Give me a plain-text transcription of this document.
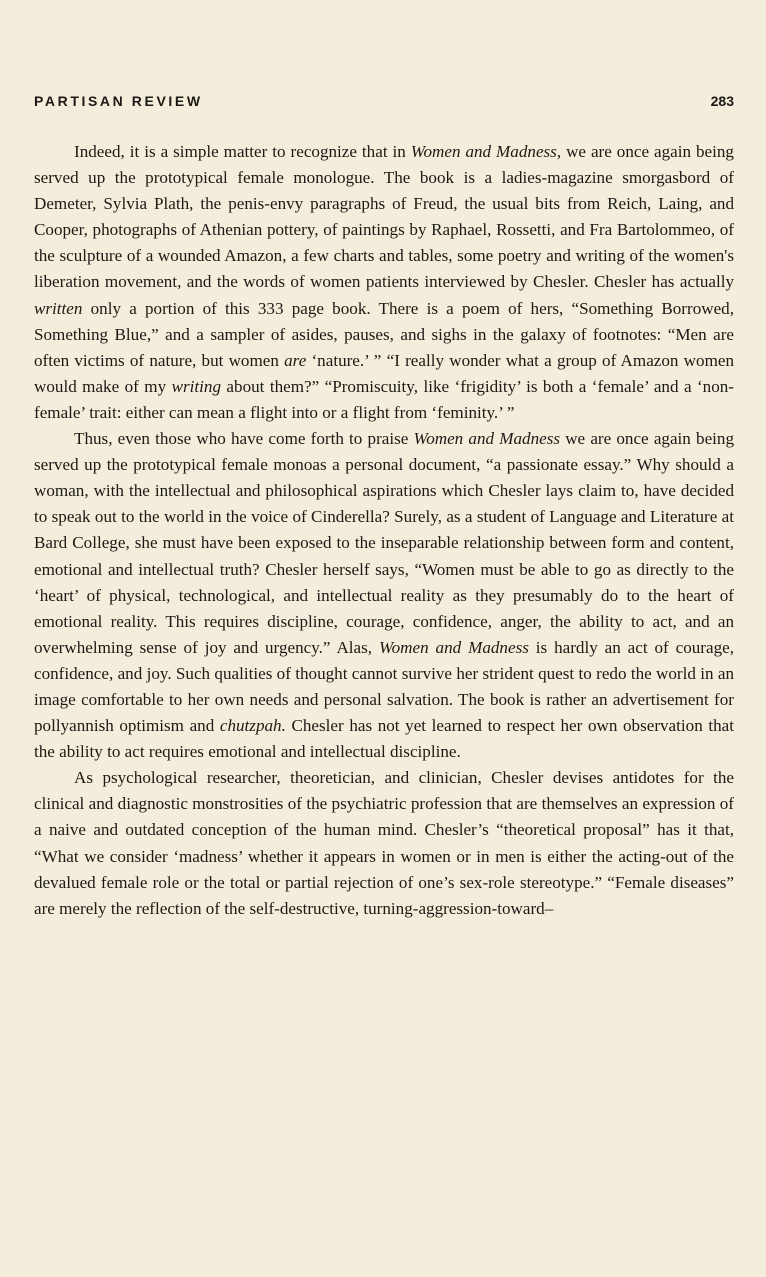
PARTISAN REVIEW	283

Indeed, it is a simple matter to recognize that in Women and Madness, we are once again being served up the prototypical female monologue. The book is a ladies-magazine smorgasbord of Demeter, Sylvia Plath, the penis-envy paragraphs of Freud, the usual bits from Reich, Laing, and Cooper, photographs of Athenian pottery, of paintings by Raphael, Rossetti, and Fra Bartolommeo, of the sculpture of a wounded Amazon, a few charts and tables, some poetry and writing of the women's liberation movement, and the words of women patients interviewed by Chesler. Chesler has actually written only a portion of this 333 page book. There is a poem of hers, “Something Borrowed, Something Blue,” and a sampler of asides, pauses, and sighs in the galaxy of footnotes: “Men are often victims of nature, but women are ‘nature.’ ” “I really wonder what a group of Amazon women would make of my writing about them?” “Promiscuity, like ‘frigidity’ is both a ‘female’ and a ‘non-female’ trait: either can mean a flight into or a flight from ‘feminity.’ ”

Thus, even those who have come forth to praise Women and Madness we are once again being served up the prototypical female monoas a personal document, “a passionate essay.” Why should a woman, with the intellectual and philosophical aspirations which Chesler lays claim to, have decided to speak out to the world in the voice of Cinderella? Surely, as a student of Language and Literature at Bard College, she must have been exposed to the inseparable relationship between form and content, emotional and intellectual truth? Chesler herself says, “Women must be able to go as directly to the ‘heart’ of physical, technological, and intellectual reality as they presumably do to the heart of emotional reality. This requires discipline, courage, confidence, anger, the ability to act, and an overwhelming sense of joy and urgency.” Alas, Women and Madness is hardly an act of courage, confidence, and joy. Such qualities of thought cannot survive her strident quest to redo the world in an image comfortable to her own needs and personal salvation. The book is rather an advertisement for pollyannish optimism and chutzpah. Chesler has not yet learned to respect her own observation that the ability to act requires emotional and intellectual discipline.

As psychological researcher, theoretician, and clinician, Chesler devises antidotes for the clinical and diagnostic monstrosities of the psychiatric profession that are themselves an expression of a naive and outdated conception of the human mind. Chesler’s “theoretical proposal” has it that, “What we consider ‘madness’ whether it appears in women or in men is either the acting-out of the devalued female role or the total or partial rejection of one’s sex-role stereotype.” “Female diseases” are merely the reflection of the self-destructive, turning-aggression-toward–
